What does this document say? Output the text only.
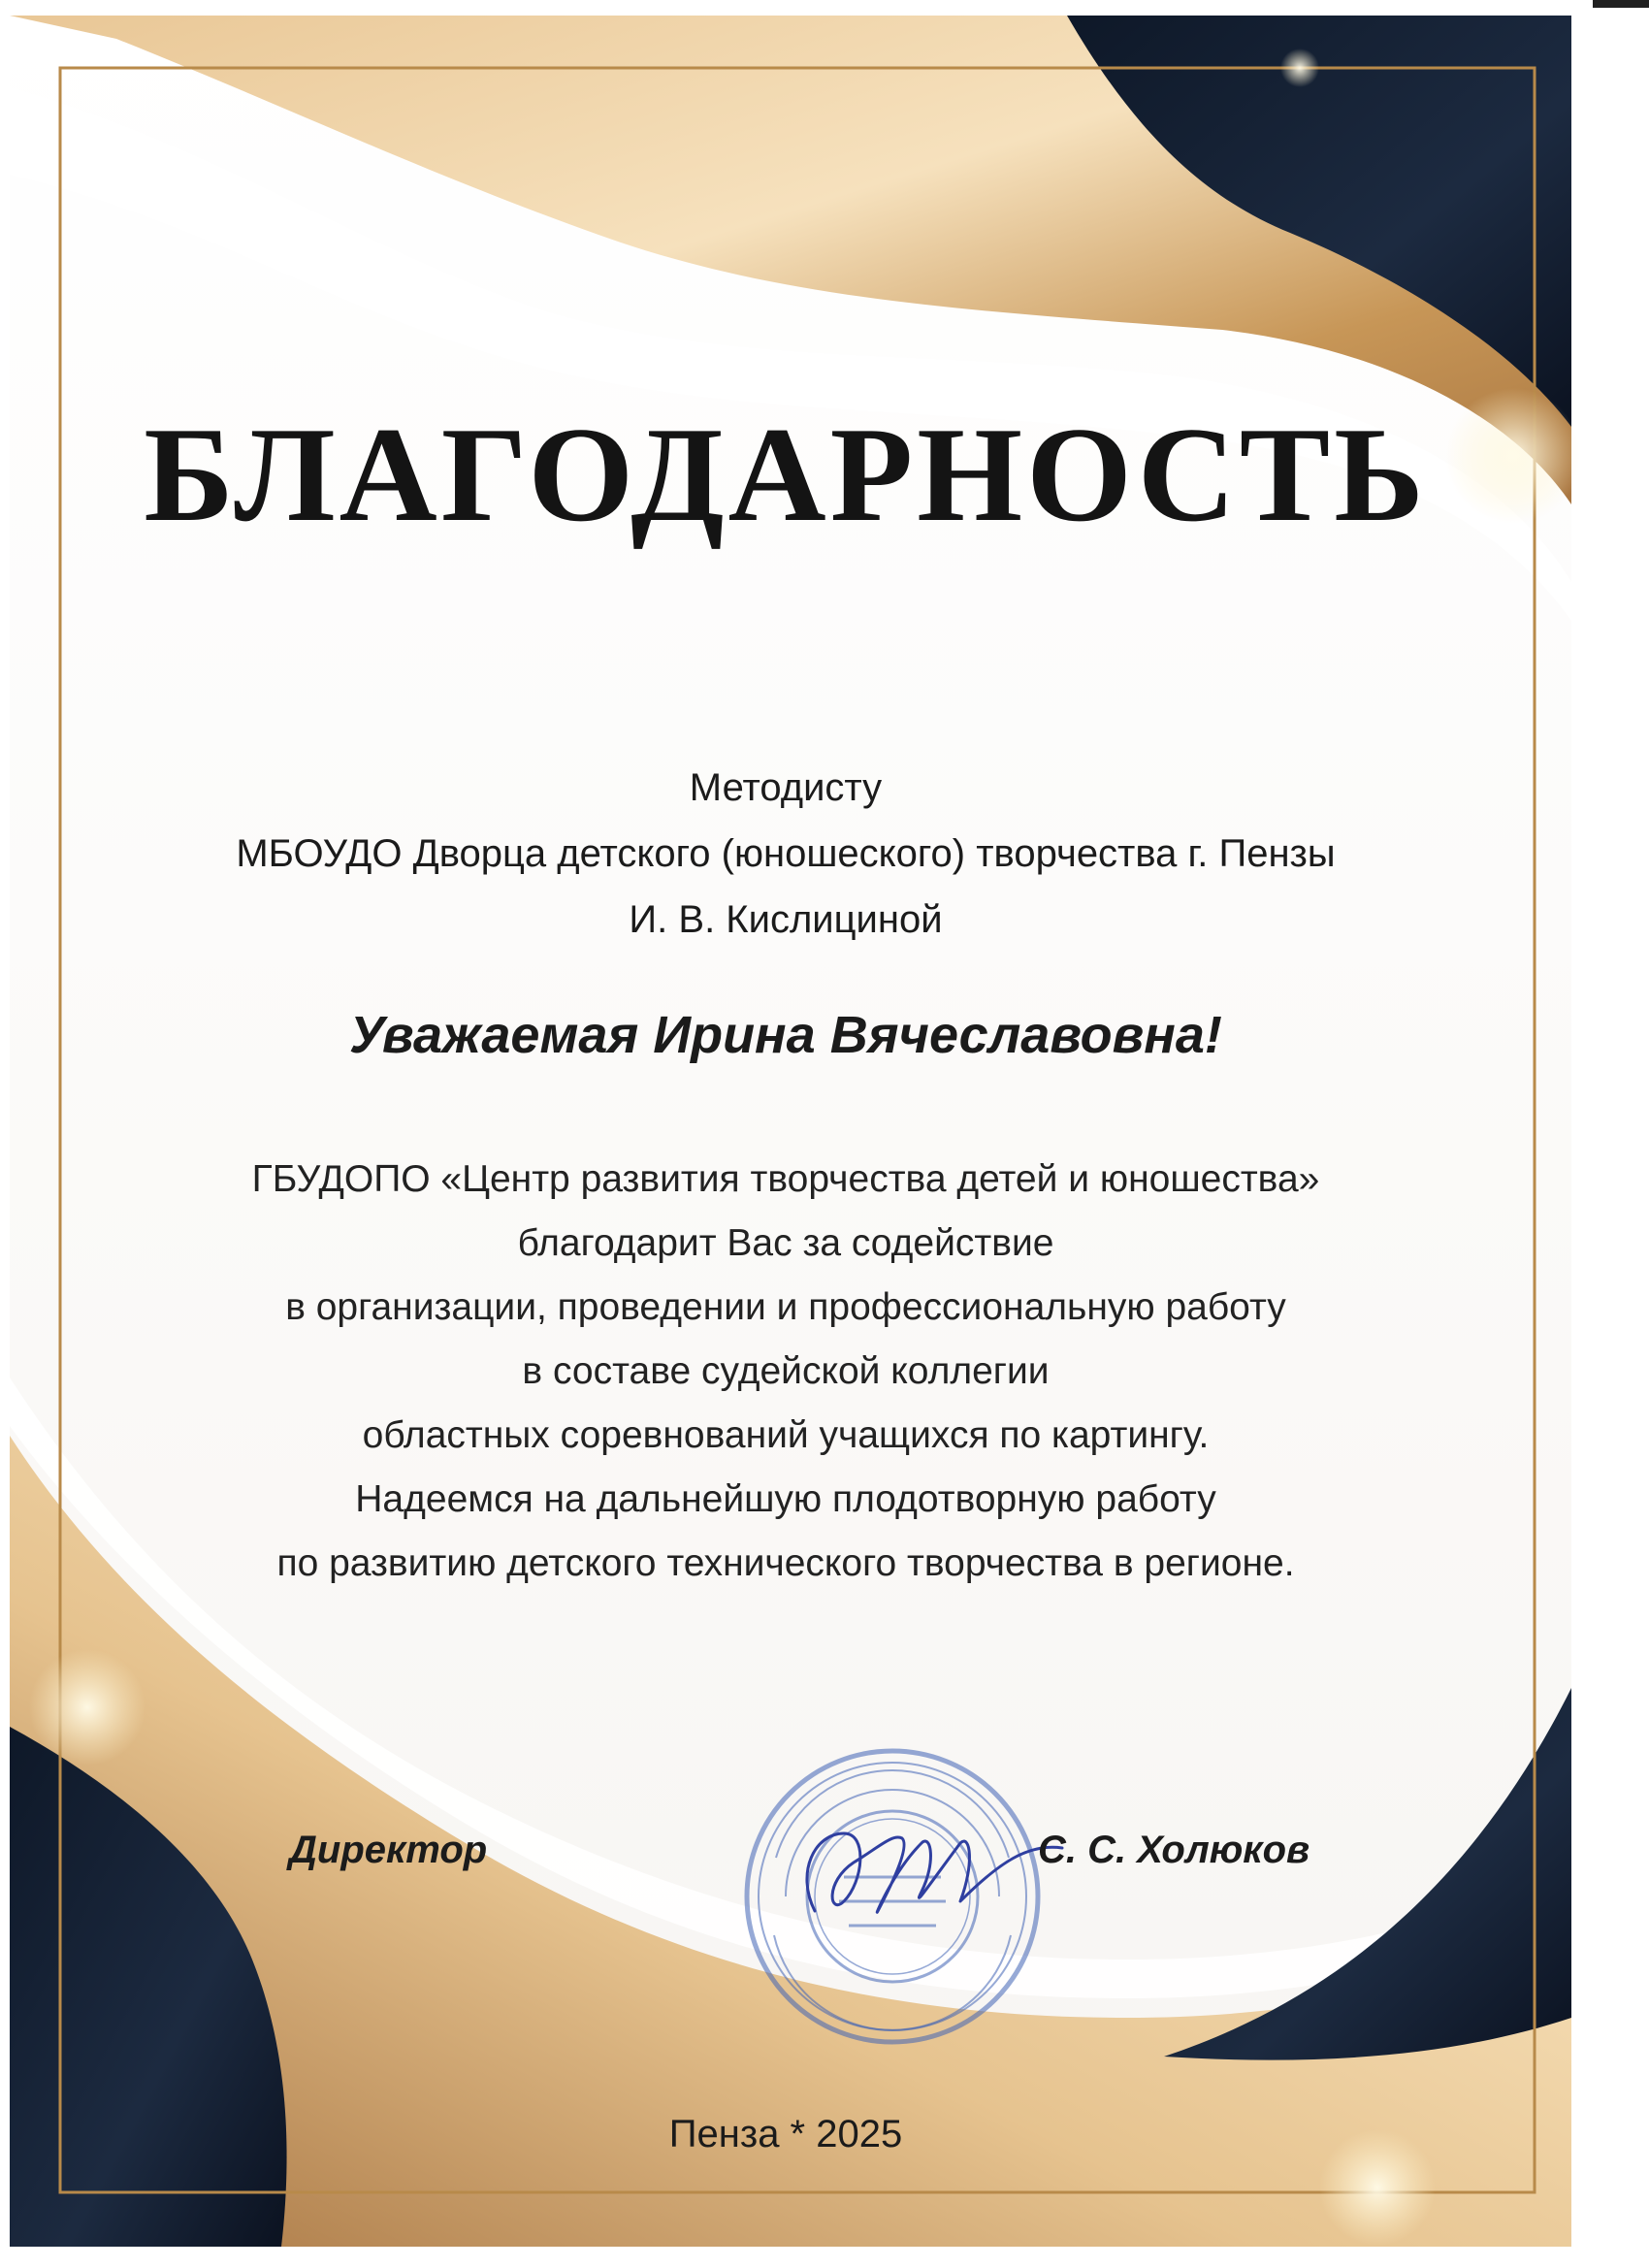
БЛАГОДАРНОСТЬ

Методисту

МБОУДО Дворца детского (юношеского) творчества г. Пензы

И. В. Кислициной

Уважаемая Ирина Вячеславовна!

ГБУДОПО «Центр развития творчества детей и юношества»

благодарит Вас за содействие

в организации, проведении и профессиональную работу

в составе судейской коллегии

областных соревнований учащихся по картингу.

Надеемся на дальнейшую плодотворную работу

по развитию детского технического творчества в регионе.

Директор	С. С. Холюков

Пенза * 2025
